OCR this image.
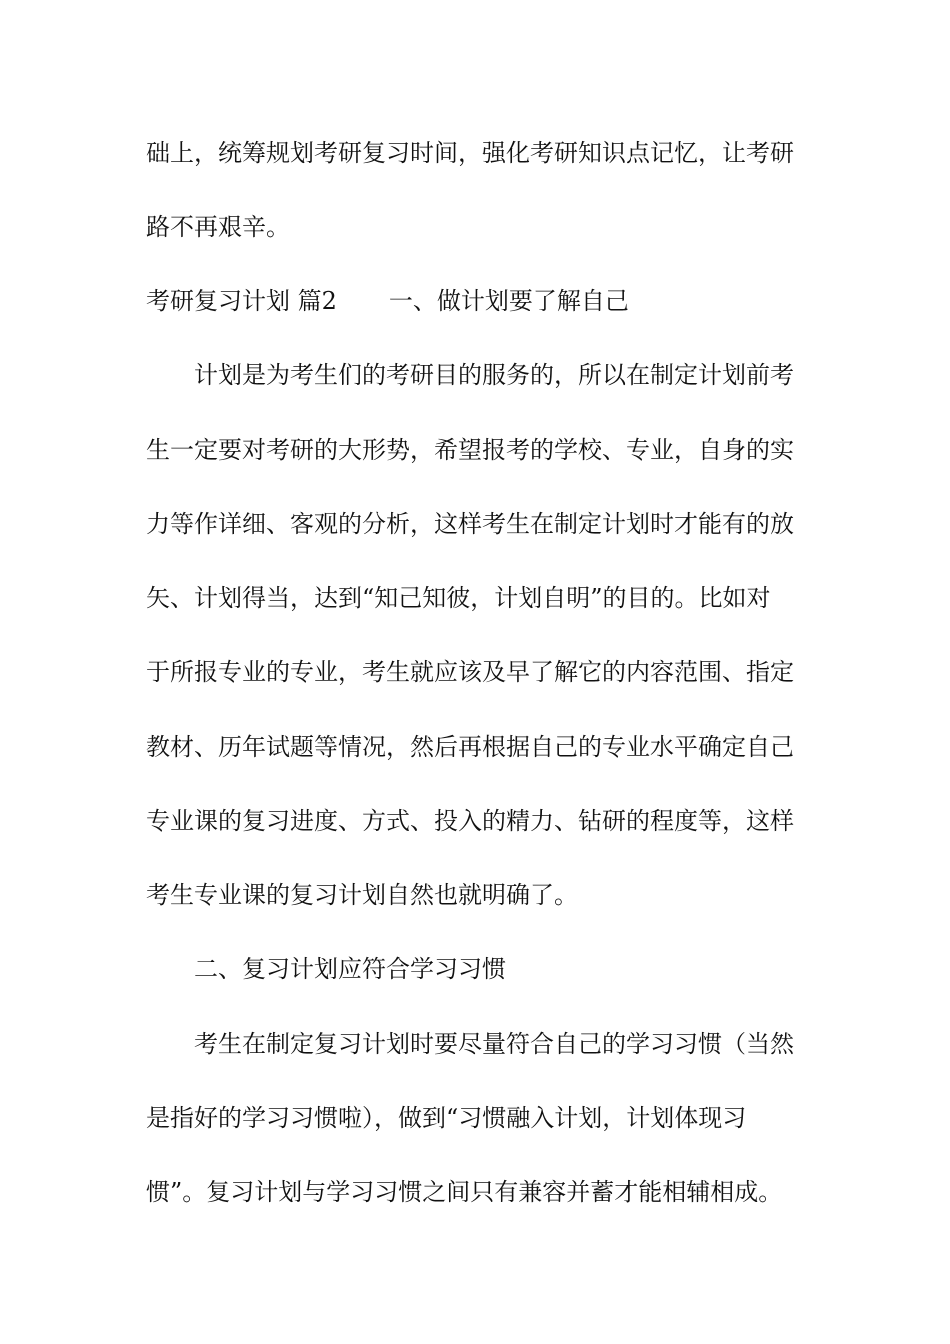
础上，统筹规划考研复习时间，强化考研知识点记忆，让考研
路不再艰辛。
考研复习计划 篇2 一、做计划要了解自己
计划是为考生们的考研目的服务的，所以在制定计划前考
生一定要对考研的大形势，希望报考的学校、专业，自身的实
力等作详细、客观的分析，这样考生在制定计划时才能有的放
矢、计划得当，达到“知己知彼，计划自明”的目的。比如对
于所报专业的专业，考生就应该及早了解它的内容范围、指定
教材、历年试题等情况，然后再根据自己的专业水平确定自己
专业课的复习进度、方式、投入的精力、钻研的程度等，这样
考生专业课的复习计划自然也就明确了。
二、复习计划应符合学习习惯
考生在制定复习计划时要尽量符合自己的学习习惯（当然
是指好的学习习惯啦），做到“习惯融入计划，计划体现习
惯”。复习计划与学习习惯之间只有兼容并蓄才能相辅相成。
